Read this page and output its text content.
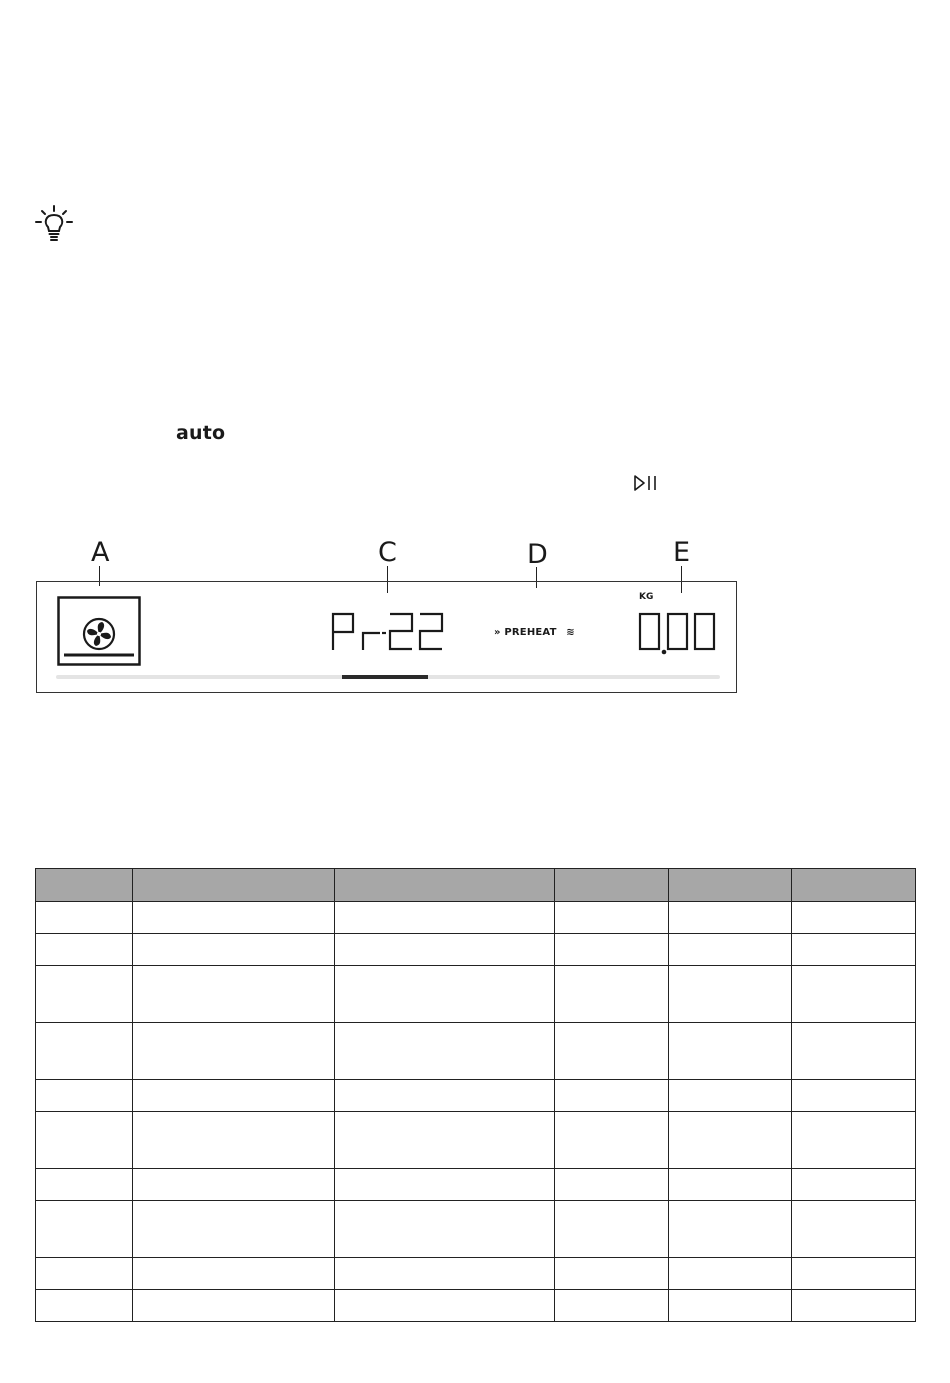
auto
A	C	D	E
Pr22
» PREHEAT ≋
KG
0.00
